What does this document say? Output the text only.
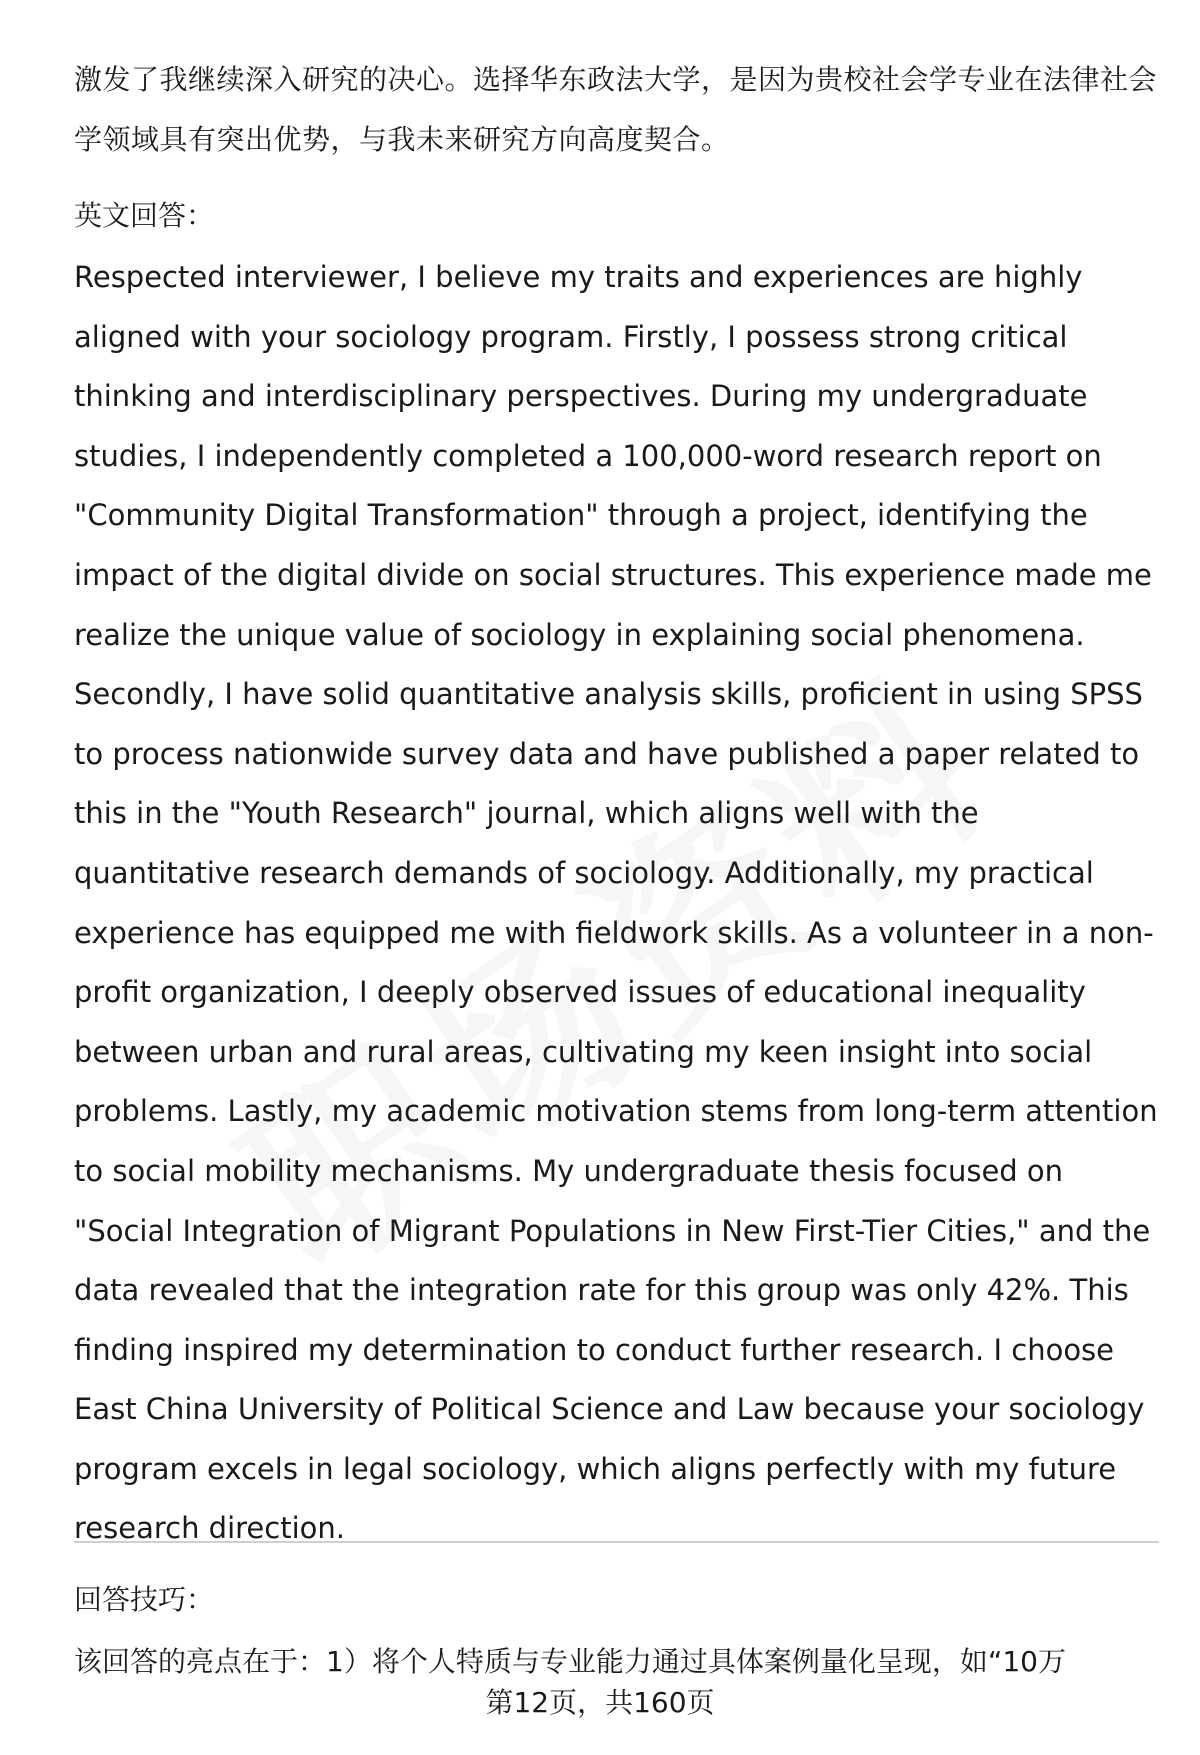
激发了我继续深入研究的决心。选择华东政法大学，是因为贵校社会学专业在法律社会学领域具有突出优势，与我未来研究方向高度契合。

英文回答：

Respected interviewer, I believe my traits and experiences are highly aligned with your sociology program. Firstly, I possess strong critical thinking and interdisciplinary perspectives. During my undergraduate studies, I independently completed a 100,000-word research report on "Community Digital Transformation" through a project, identifying the impact of the digital divide on social structures. This experience made me realize the unique value of sociology in explaining social phenomena. Secondly, I have solid quantitative analysis skills, proficient in using SPSS to process nationwide survey data and have published a paper related to this in the "Youth Research" journal, which aligns well with the quantitative research demands of sociology. Additionally, my practical experience has equipped me with fieldwork skills. As a volunteer in a non-profit organization, I deeply observed issues of educational inequality between urban and rural areas, cultivating my keen insight into social problems. Lastly, my academic motivation stems from long-term attention to social mobility mechanisms. My undergraduate thesis focused on "Social Integration of Migrant Populations in New First-Tier Cities," and the data revealed that the integration rate for this group was only 42%. This finding inspired my determination to conduct further research. I choose East China University of Political Science and Law because your sociology program excels in legal sociology, which aligns perfectly with my future research direction.

回答技巧：

该回答的亮点在于：1）将个人特质与专业能力通过具体案例量化呈现，如“10万

第12页，共160页
